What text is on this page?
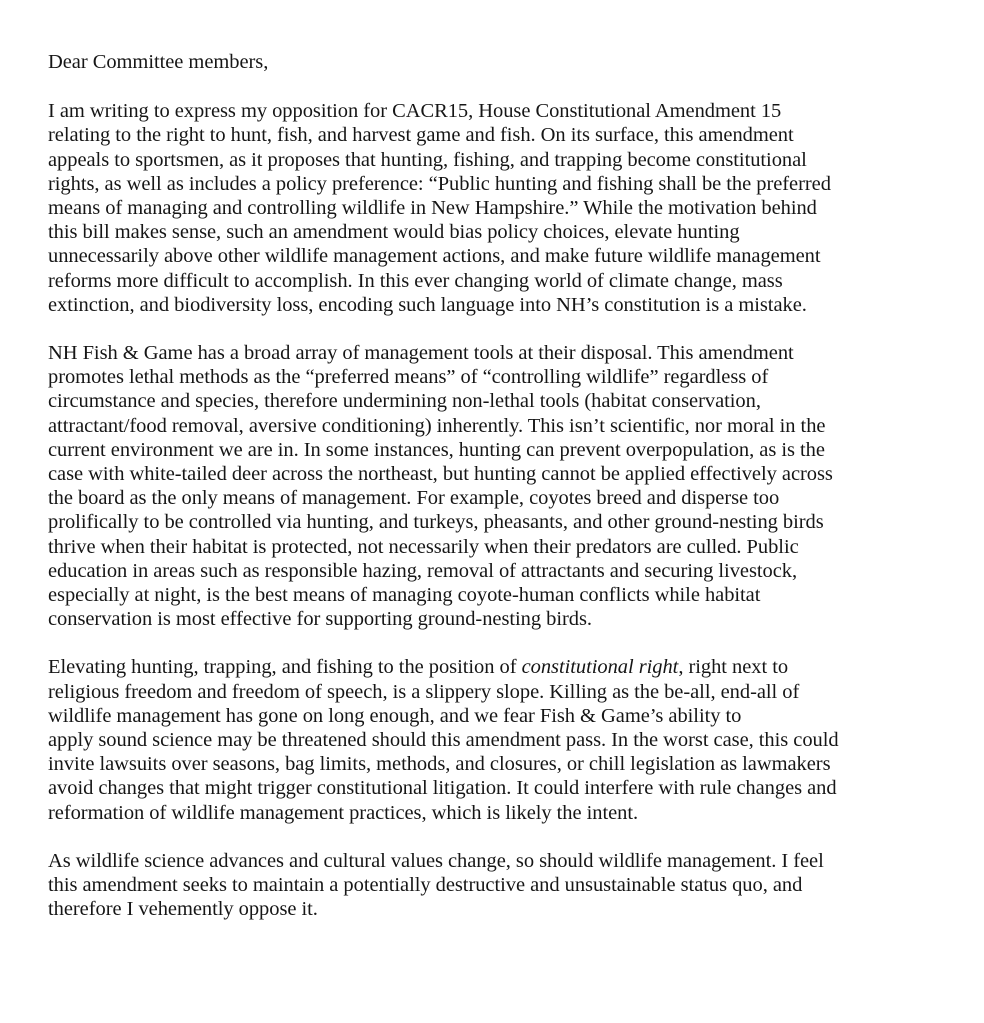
Dear Committee members,

I am writing to express my opposition for CACR15, House Constitutional Amendment 15
relating to the right to hunt, fish, and harvest game and fish. On its surface, this amendment
appeals to sportsmen, as it proposes that hunting, fishing, and trapping become constitutional
rights, as well as includes a policy preference: “Public hunting and fishing shall be the preferred
means of managing and controlling wildlife in New Hampshire.” While the motivation behind
this bill makes sense, such an amendment would bias policy choices, elevate hunting
unnecessarily above other wildlife management actions, and make future wildlife management
reforms more difficult to accomplish. In this ever changing world of climate change, mass
extinction, and biodiversity loss, encoding such language into NH’s constitution is a mistake.

NH Fish & Game has a broad array of management tools at their disposal. This amendment
promotes lethal methods as the “preferred means” of “controlling wildlife” regardless of
circumstance and species, therefore undermining non-lethal tools (habitat conservation,
attractant/food removal, aversive conditioning) inherently. This isn’t scientific, nor moral in the
current environment we are in. In some instances, hunting can prevent overpopulation, as is the
case with white-tailed deer across the northeast, but hunting cannot be applied effectively across
the board as the only means of management. For example, coyotes breed and disperse too
prolifically to be controlled via hunting, and turkeys, pheasants, and other ground-nesting birds
thrive when their habitat is protected, not necessarily when their predators are culled. Public
education in areas such as responsible hazing, removal of attractants and securing livestock,
especially at night, is the best means of managing coyote-human conflicts while habitat
conservation is most effective for supporting ground-nesting birds.

Elevating hunting, trapping, and fishing to the position of constitutional right, right next to
religious freedom and freedom of speech, is a slippery slope. Killing as the be-all, end-all of
wildlife management has gone on long enough, and we fear Fish & Game’s ability to
apply sound science may be threatened should this amendment pass. In the worst case, this could
invite lawsuits over seasons, bag limits, methods, and closures, or chill legislation as lawmakers
avoid changes that might trigger constitutional litigation. It could interfere with rule changes and
reformation of wildlife management practices, which is likely the intent.

As wildlife science advances and cultural values change, so should wildlife management. I feel
this amendment seeks to maintain a potentially destructive and unsustainable status quo, and
therefore I vehemently oppose it.
